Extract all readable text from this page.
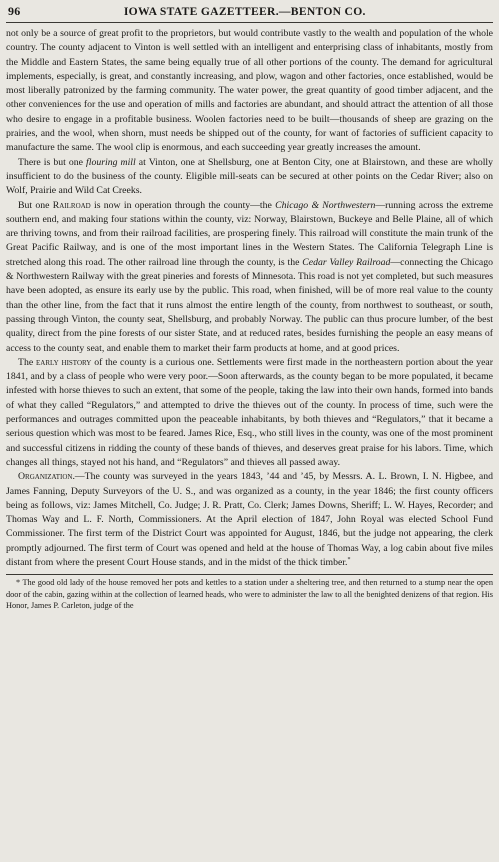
96	IOWA STATE GAZETTEER.—BENTON CO.

not only be a source of great profit to the proprietors, but would contribute vastly to the wealth and population of the whole country. The county adjacent to Vinton is well settled with an intelligent and enterprising class of inhabitants, mostly from the Middle and Eastern States, the same being equally true of all other portions of the county. The demand for agricultural implements, especially, is great, and constantly increasing, and plow, wagon and other factories, once established, would be most liberally patronized by the farming community. The water power, the great quantity of good timber adjacent, and the other conveniences for the use and operation of mills and factories are abundant, and should attract the attention of all those who desire to engage in a profitable business. Woolen factories need to be built—thousands of sheep are grazing on the prairies, and the wool, when shorn, must needs be shipped out of the county, for want of factories of sufficient capacity to manufacture the same. The wool clip is enormous, and each succeeding year greatly increases the amount.

There is but one flouring mill at Vinton, one at Shellsburg, one at Benton City, one at Blairstown, and these are wholly insufficient to do the business of the county. Eligible mill-seats can be secured at other points on the Cedar River; also on Wolf, Prairie and Wild Cat Creeks.

But one Railroad is now in operation through the county—the Chicago & Northwestern—running across the extreme southern end, and making four stations within the county, viz: Norway, Blairstown, Buckeye and Belle Plaine, all of which are thriving towns, and from their railroad facilities, are prospering finely. This railroad will constitute the main trunk of the Great Pacific Railway, and is one of the most important lines in the Western States. The California Telegraph Line is stretched along this road. The other railroad line through the county, is the Cedar Valley Railroad—connecting the Chicago & Northwestern Railway with the great pineries and forests of Minnesota. This road is not yet completed, but such measures have been adopted, as ensure its early use by the public. This road, when finished, will be of more real value to the county than the other line, from the fact that it runs almost the entire length of the county, from northwest to southeast, or south, passing through Vinton, the county seat, Shellsburg, and probably Norway. The public can thus procure lumber, of the best quality, direct from the pine forests of our sister State, and at reduced rates, besides furnishing the people an easy means of access to the county seat, and enable them to market their farm products at home, and at good prices.

The early history of the county is a curious one. Settlements were first made in the northeastern portion about the year 1841, and by a class of people who were very poor.—Soon afterwards, as the county began to be more populated, it became infested with horse thieves to such an extent, that some of the people, taking the law into their own hands, formed into bands of what they called “Regulators,” and attempted to drive the thieves out of the county. In process of time, such were the performances and outrages committed upon the peaceable inhabitants, by both thieves and “Regulators,” that it became a serious question which was most to be feared. James Rice, Esq., who still lives in the county, was one of the most prominent and successful citizens in ridding the county of these bands of thieves, and deserves great praise for his labors. Time, which changes all things, stayed not his hand, and “Regulators” and thieves all passed away.

Organization.—The county was surveyed in the years 1843, ’44 and ’45, by Messrs. A. L. Brown, I. N. Higbee, and James Fanning, Deputy Surveyors of the U. S., and was organized as a county, in the year 1846; the first county officers being as follows, viz: James Mitchell, Co. Judge; J. R. Pratt, Co. Clerk; James Downs, Sheriff; L. W. Hayes, Recorder; and Thomas Way and L. F. North, Commissioners. At the April election of 1847, John Royal was elected School Fund Commissioner. The first term of the District Court was appointed for August, 1846, but the judge not appearing, the clerk promptly adjourned. The first term of Court was opened and held at the house of Thomas Way, a log cabin about five miles distant from where the present Court House stands, and in the midst of the thick timber.*

* The good old lady of the house removed her pots and kettles to a station under a sheltering tree, and then returned to a stump near the open door of the cabin, gazing within at the collection of learned heads, who were to administer the law to all the benighted denizens of that region. His Honor, James P. Carleton, judge of the
